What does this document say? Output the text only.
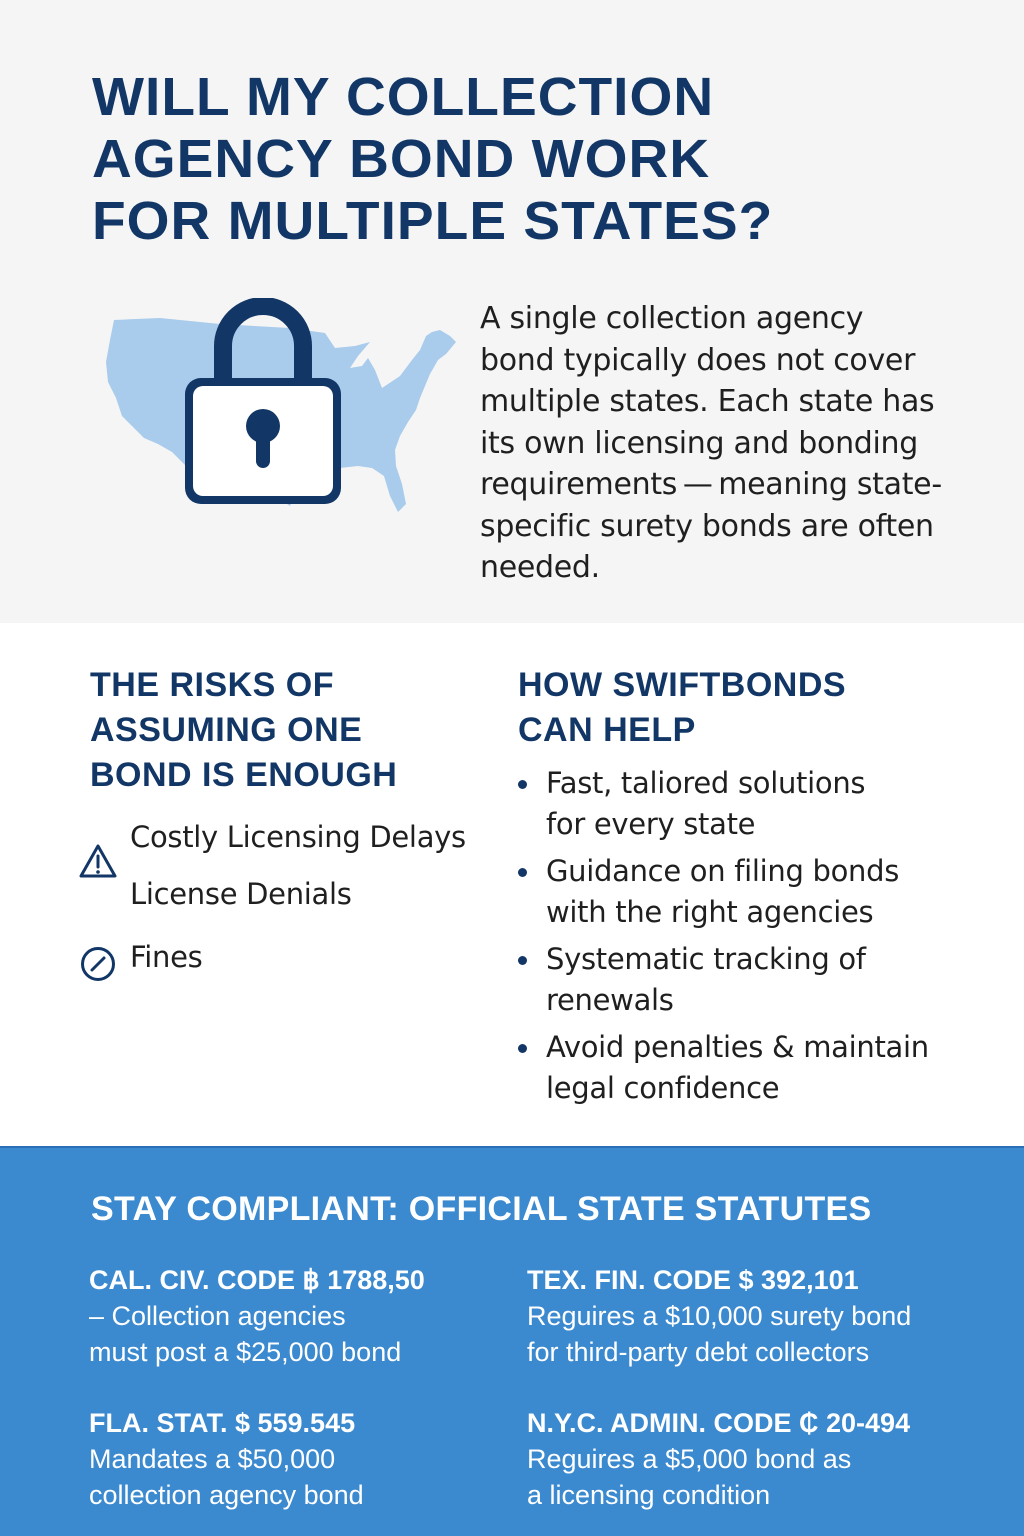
WILL MY COLLECTION
AGENCY BOND WORK
FOR MULTIPLE STATES?

A single collection agency
bond typically does not cover
multiple states. Each state has
its own licensing and bonding
requirements — meaning state-
specific surety bonds are often
needed.

THE RISKS OF
ASSUMING ONE
BOND IS ENOUGH
Costly Licensing Delays
License Denials
Fines
HOW SWIFTBONDS
CAN HELP
Fast, taliored solutions
for every state
Guidance on filing bonds
with the right agencies
Systematic tracking of
renewals
Avoid penalties & maintain
legal confidence
STAY COMPLIANT: OFFICIAL STATE STATUTES
CAL. CIV. CODE ฿ 1788,50
– Collection agencies
must post a $25,000 bond
TEX. FIN. CODE $ 392,101
Reguires a $10,000 surety bond
for third-party debt collectors
FLA. STAT. $ 559.545
Mandates a $50,000
collection agency bond
N.Y.C. ADMIN. CODE ₵ 20-494
Reguires a $5,000 bond as
a licensing condition
